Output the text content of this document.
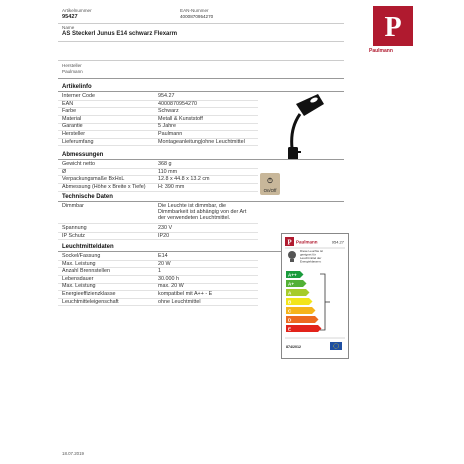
Artikelnummer
95427
EAN-Nummer
4000870954270
Name
AS Steckerl Junus E14 schwarz Flexarm
Hersteller
Paulmann
P
Paulmann
Artikelinfo
Interner Code	954.27
EAN	4000870954270
Farbe	Schwarz
Material	Metall & Kunststoff
Garantie	5 Jahre
Hersteller	Paulmann
Lieferumfang	Montageanleitung|ohne Leuchtmittel
Abmessungen
Gewicht netto	368 g
Ø	110 mm
Verpackungsmaße BxHxL	12.8 x 44.8 x 13.2 cm
Abmessung (Höhe x Breite x Tiefe) H: 390 mm
On/Off
Technische Daten
Dimmbar	Die Leuchte ist dimmbar, die
Dimmbarkeit ist abhängig von der Art
der verwendeten Leuchtmittel.
Spannung	230 V
IP Schutz	IP20
Leuchtmitteldaten
Sockel/Fassung	E14
Max. Leistung	20 W
Anzahl Brennstellen	1
Lebensdauer	30.000 h
Max. Leistung	max. 20 W
Energieeffizienzklasse	kompatibel mit A++ - E
Leuchtmitteleigenschaft	ohne Leuchtmittel
P Paulmann	954.27
Diese Leuchte ist
geeignet für
Leuchtmittel der
Energieklassen:
A++
A+
A
B
C
D
E
874/2012
18.07.2019
